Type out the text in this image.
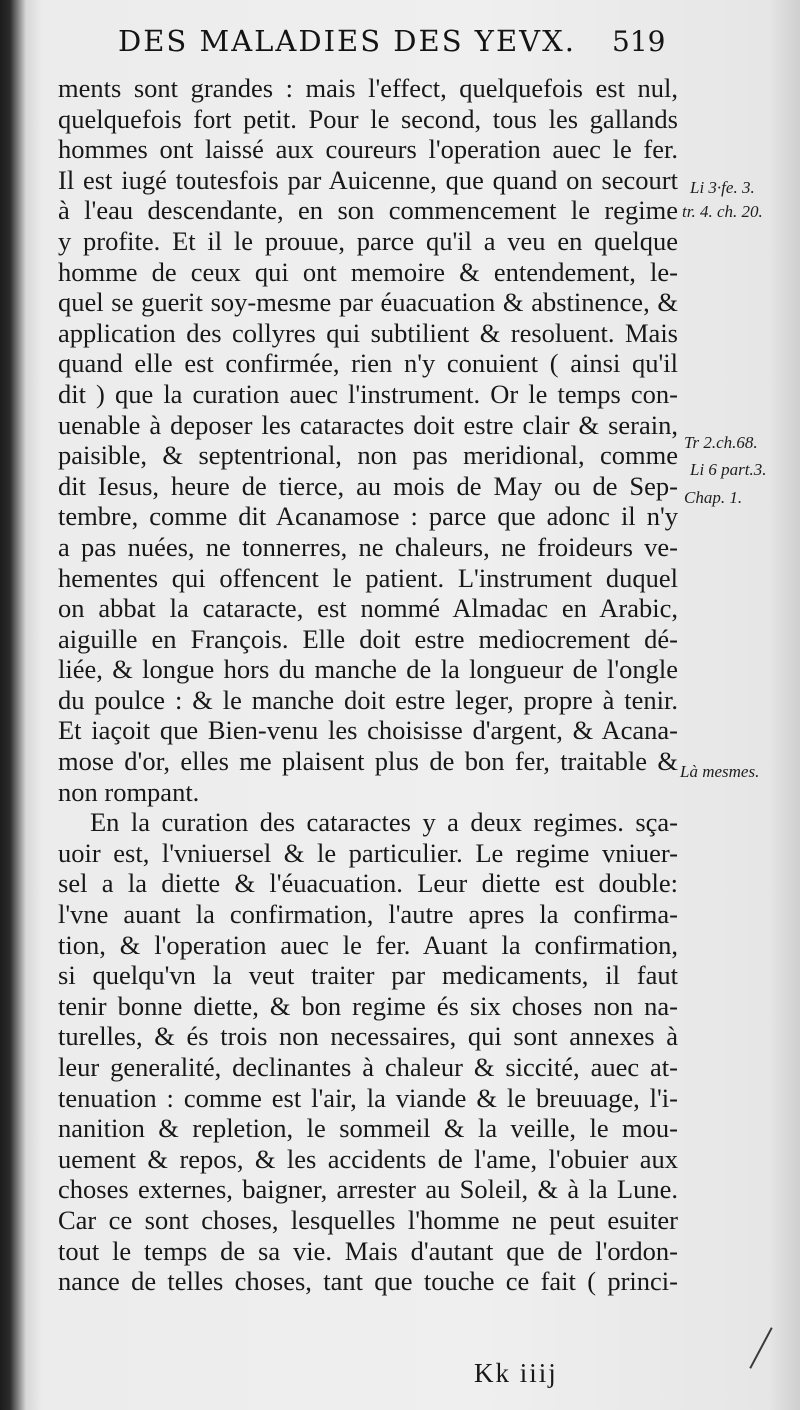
DES MALADIES DES YEVX.	519
ments sont grandes : mais l'effect, quelquefois est nul,
quelquefois fort petit. Pour le second, tous les gallands
hommes ont laissé aux coureurs l'operation auec le fer.
Il est iugé toutesfois par Auicenne, que quand on secourt
à l'eau descendante, en son commencement le regime
y profite. Et il le prouue, parce qu'il a veu en quelque
homme de ceux qui ont memoire & entendement, le-
quel se guerit soy-mesme par éuacuation & abstinence, &
application des collyres qui subtilient & resoluent. Mais
quand elle est confirmée, rien n'y conuient ( ainsi qu'il
dit ) que la curation auec l'instrument. Or le temps con-
uenable à deposer les cataractes doit estre clair & serain,
paisible, & septentrional, non pas meridional, comme
dit Iesus, heure de tierce, au mois de May ou de Sep-
tembre, comme dit Acanamose : parce que adonc il n'y
a pas nuées, ne tonnerres, ne chaleurs, ne froideurs ve-
hementes qui offencent le patient. L'instrument duquel
on abbat la cataracte, est nommé Almadac en Arabic,
aiguille en François. Elle doit estre mediocrement dé-
liée, & longue hors du manche de la longueur de l'ongle
du poulce : & le manche doit estre leger, propre à tenir.
Et iaçoit que Bien-venu les choisisse d'argent, & Acana-
mose d'or, elles me plaisent plus de bon fer, traitable &
non rompant.
En la curation des cataractes y a deux regimes. sça-
uoir est, l'vniuersel & le particulier. Le regime vniuer-
sel a la diette & l'éuacuation. Leur diette est double:
l'vne auant la confirmation, l'autre apres la confirma-
tion, & l'operation auec le fer. Auant la confirmation,
si quelqu'vn la veut traiter par medicaments, il faut
tenir bonne diette, & bon regime és six choses non na-
turelles, & és trois non necessaires, qui sont annexes à
leur generalité, declinantes à chaleur & siccité, auec at-
tenuation : comme est l'air, la viande & le breuuage, l'i-
nanition & repletion, le sommeil & la veille, le mou-
uement & repos, & les accidents de l'ame, l'obuier aux
choses externes, baigner, arrester au Soleil, & à la Lune.
Car ce sont choses, lesquelles l'homme ne peut esuiter
tout le temps de sa vie. Mais d'autant que de l'ordon-
nance de telles choses, tant que touche ce fait ( princi-
Li 3·fe. 3.
tr. 4. ch. 20.
Tr 2.ch.68.
Li 6 part.3.
Chap. 1.
Là mesmes.
Kk iiij
